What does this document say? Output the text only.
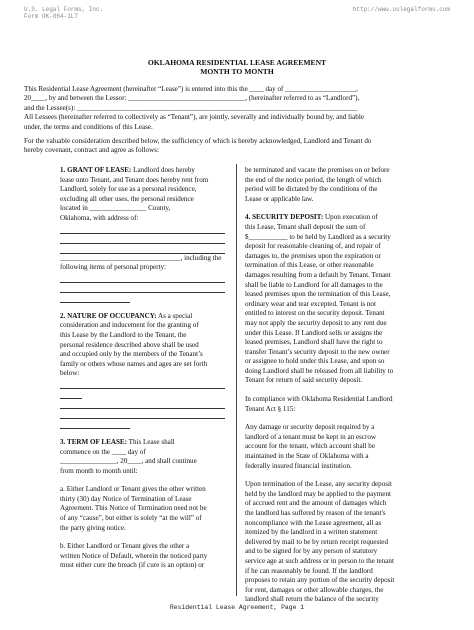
U.S. Legal Forms, Inc.
Form OK-864-1LT
http://www.uslegalforms.com
OKLAHOMA RESIDENTIAL LEASE AGREEMENT
MONTH TO MONTH

This Residential Lease Agreement (hereinafter “Lease”) is entered into this the ____ day of ____________________,

20____, by and between the Lessor: _________________________________, (hereinafter referred to as “Landlord”),

and the Lessee(s): _______________________________________________________________________________

All Lessees (hereinafter referred to collectively as “Tenant”), are jointly, severally and individually bound by, and liable

under, the terms and conditions of this Lease.

For the valuable consideration described below, the sufficiency of which is hereby acknowledged, Landlord and Tenant do

hereby covenant, contract and agree as follows:

1. GRANT OF LEASE: Landlord does hereby

lease unto Tenant, and Tenant does hereby rent from

Landlord, solely for use as a personal residence,

excluding all other uses, the personal residence

located in ________________ County,

Oklahoma, with address of:

__________________________________, including the

following items of personal property:

2. NATURE OF OCCUPANCY: As a special

consideration and inducement for the granting of

this Lease by the Landlord to the Tenant, the

personal residence described above shall be used

and occupied only by the members of the Tenant’s

family or others whose names and ages are set forth

below:

3. TERM OF LEASE: This Lease shall

commence on the ____ day of

________________, 20____, and shall continue

from month to month until:

a. Either Landlord or Tenant gives the other written

thirty (30) day Notice of Termination of Lease

Agreement. This Notice of Termination need not be

of any “cause”, but either is solely “at the will” of

the party giving notice.

b. Either Landlord or Tenant gives the other a

written Notice of Default, wherein the noticed party

must either cure the breach (if cure is an option) or

be terminated and vacate the premises on or before

the end of the notice period, the length of which

period will be dictated by the conditions of the

Lease or applicable law.

4. SECURITY DEPOSIT: Upon execution of

this Lease, Tenant shall deposit the sum of

$___________ to be held by Landlord as a security

deposit for reasonable cleaning of, and repair of

damages to, the premises upon the expiration or

termination of this Lease, or other reasonable

damages resulting from a default by Tenant. Tenant

shall be liable to Landlord for all damages to the

leased premises upon the termination of this Lease,

ordinary wear and tear excepted. Tenant is not

entitled to interest on the security deposit. Tenant

may not apply the security deposit to any rent due

under this Lease. If Landlord sells or assigns the

leased premises, Landlord shall have the right to

transfer Tenant’s security deposit to the new owner

or assignee to hold under this Lease, and upon so

doing Landlord shall be released from all liability to

Tenant for return of said security deposit.

In compliance with Oklahoma Residential Landlord

Tenant Act § 115:

Any damage or security deposit required by a

landlord of a tenant must be kept in an escrow

account for the tenant, which account shall be

maintained in the State of Oklahoma with a

federally insured financial institution.

Upon termination of the Lease, any security deposit

held by the landlord may be applied to the payment

of accrued rent and the amount of damages which

the landlord has suffered by reason of the tenant's

noncompliance with the Lease agreement, all as

itemized by the landlord in a written statement

delivered by mail to be by return receipt requested

and to be signed for by any person of statutory

service age at such address or in person to the tenant

if he can reasonably be found. If the landlord

proposes to retain any portion of the security deposit

for rent, damages or other allowable charges, the

landlord shall return the balance of the security

Residential Lease Agreement, Page 1
